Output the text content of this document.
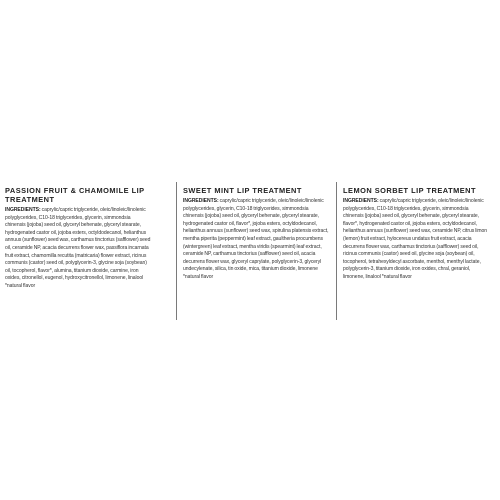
PASSION FRUIT & CHAMOMILE LIP TREATMENT

INGREDIENTS: caprylic/capric triglyceride, oleic/linoleic/linolenic polyglycerides, C10-18 triglycerides, glycerin, simmondsia chinensis (jojoba) seed oil, glyceryl behenate, glyceryl stearate, hydrogenated castor oil, jojoba esters, octyldodecanol, helianthus annuus (sunflower) seed wax, carthamus tinctorius (safflower) seed oil, ceramide NP, acacia decurrens flower wax, passiflora incarnata fruit extract, chamomilla recutita (matricaria) flower extract, ricinus communis (castor) seed oil, polyglycerin-3, glycine soja (soybean) oil, tocopherol, flavor*, alumina, titanium dioxide, carmine, iron oxides, citronellol, eugenol, hydroxycitronellol, limonene, linalool *natural flavor

SWEET MINT LIP TREATMENT

INGREDIENTS: caprylic/capric triglyceride, oleic/linoleic/linolenic polyglycerides, glycerin, C10-18 triglycerides, simmondsia chinensis (jojoba) seed oil, glyceryl behenate, glyceryl stearate, hydrogenated castor oil, flavor*, jojoba esters, octyldodecanol, helianthus annuus (sunflower) seed wax, spirulina platensis extract, mentha piperita (peppermint) leaf extract, gaultheria procumbens (wintergreen) leaf extract, mentha viridis (spearmint) leaf extract, ceramide NP, carthamus tinctorius (safflower) seed oil, acacia decurrens flower wax, glyceryl caprylate, polyglycerin-3, glyceryl undecylenate, silica, tin oxide, mica, titanium dioxide, limonene *natural flavor

LEMON SORBET LIP TREATMENT

INGREDIENTS: caprylic/capric triglyceride, oleic/linoleic/linolenic polyglycerides, C10-18 triglycerides, glycerin, simmondsia chinensis (jojoba) seed oil, glyceryl behenate, glyceryl stearate, flavor*, hydrogenated castor oil, jojoba esters, octyldodecanol, helianthus annuus (sunflower) seed wax, ceramide NP, citrus limon (lemon) fruit extract, hylocereus undatus fruit extract, acacia decurrens flower wax, carthamus tinctorius (safflower) seed oil, ricinus communis (castor) seed oil, glycine soja (soybean) oil, tocopherol, tetrahexyldecyl ascorbate, menthol, menthyl lactate, polyglycerin-3, titanium dioxide, iron oxides, chral, geraniol, limonene, linalool *natural flavor
